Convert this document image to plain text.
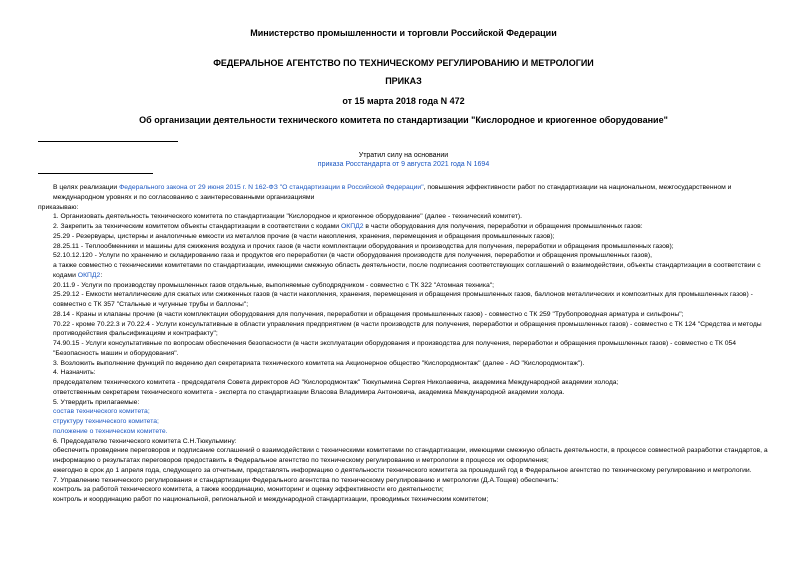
Министерство промышленности и торговли Российской Федерации
ФЕДЕРАЛЬНОЕ АГЕНТСТВО ПО ТЕХНИЧЕСКОМУ РЕГУЛИРОВАНИЮ И МЕТРОЛОГИИ
ПРИКАЗ
от 15 марта 2018 года N 472
Об организации деятельности технического комитета по стандартизации "Кислородное и криогенное оборудование"
Утратил силу на основании
приказа Росстандарта от 9 августа 2021 года N 1694

В целях реализации Федерального закона от 29 июня 2015 г. N 162-ФЗ "О стандартизации в Российской Федерации", повышения эффективности работ по стандартизации на национальном, межгосударственном и международном уровнях и по согласованию с заинтересованными организациями

приказываю:

1. Организовать деятельность технического комитета по стандартизации "Кислородное и криогенное оборудование" (далее - технический комитет).

2. Закрепить за техническим комитетом объекты стандартизации в соответствии с кодами ОКПД2 в части оборудования для получения, переработки и обращения промышленных газов:

25.29 - Резервуары, цистерны и аналогичные емкости из металлов прочие (в части накопления, хранения, перемещения и обращения промышленных газов);

28.25.11 - Теплообменники и машины для сжижения воздуха и прочих газов (в части комплектации оборудования и производства для получения, переработки и обращения промышленных газов);

52.10.12.120 - Услуги по хранению и складированию газа и продуктов его переработки (в части оборудования производств для получения, переработки и обращения промышленных газов),

а также совместно с техническими комитетами по стандартизации, имеющими смежную область деятельности, после подписания соответствующих соглашений о взаимодействии, объекты стандартизации в соответствии с кодами ОКПД2:

20.11.9 - Услуги по производству промышленных газов отдельные, выполняемые субподрядчиком - совместно с ТК 322 "Атомная техника";

25.29.12 - Емкости металлические для сжатых или сжиженных газов (в части накопления, хранения, перемещения и обращения промышленных газов, баллонов металлических и композитных для промышленных газов) - совместно с ТК 357 "Стальные и чугунные трубы и баллоны";

28.14 - Краны и клапаны прочие (в части комплектации оборудования для получения, переработки и обращения промышленных газов) - совместно с ТК 259 "Трубопроводная арматура и сильфоны";

70.22 - кроме 70.22.3 и 70.22.4 - Услуги консультативные в области управления предприятием (в части производств для получения, переработки и обращения промышленных газов) - совместно с ТК 124 "Средства и методы противодействия фальсификациям и контрафакту";

74.90.15 - Услуги консультативные по вопросам обеспечения безопасности (в части эксплуатации оборудования и производства для получения, переработки и обращения промышленных газов) - совместно с ТК 054 "Безопасность машин и оборудования".

3. Возложить выполнение функций по ведению дел секретариата технического комитета на Акционерное общество "Кислородмонтаж" (далее - АО "Кислородмонтаж").

4. Назначить:

председателем технического комитета - председателя Совета директоров АО "Кислородмонтаж" Тюкульмина Сергея Николаевича, академика Международной академии холода;

ответственным секретарем технического комитета - эксперта по стандартизации Власова Владимира Антоновича, академика Международной академии холода.

5. Утвердить прилагаемые:

состав технического комитета;

структуру технического комитета;

положение о техническом комитете.

6. Председателю технического комитета С.Н.Тюкульмину:

обеспечить проведение переговоров и подписание соглашений о взаимодействии с техническими комитетами по стандартизации, имеющими смежную область деятельности, в процессе совместной разработки стандартов, а информацию о результатах переговоров предоставить в Федеральное агентство по техническому регулированию и метрологии в процессе их оформления;

ежегодно в срок до 1 апреля года, следующего за отчетным, представлять информацию о деятельности технического комитета за прошедший год в Федеральное агентство по техническому регулированию и метрологии.

7. Управлению технического регулирования и стандартизации Федерального агентства по техническому регулированию и метрологии (Д.А.Тощев) обеспечить:

контроль за работой технического комитета, а также координацию, мониторинг и оценку эффективности его деятельности;

контроль и координацию работ по национальной, региональной и международной стандартизации, проводимых техническим комитетом;
